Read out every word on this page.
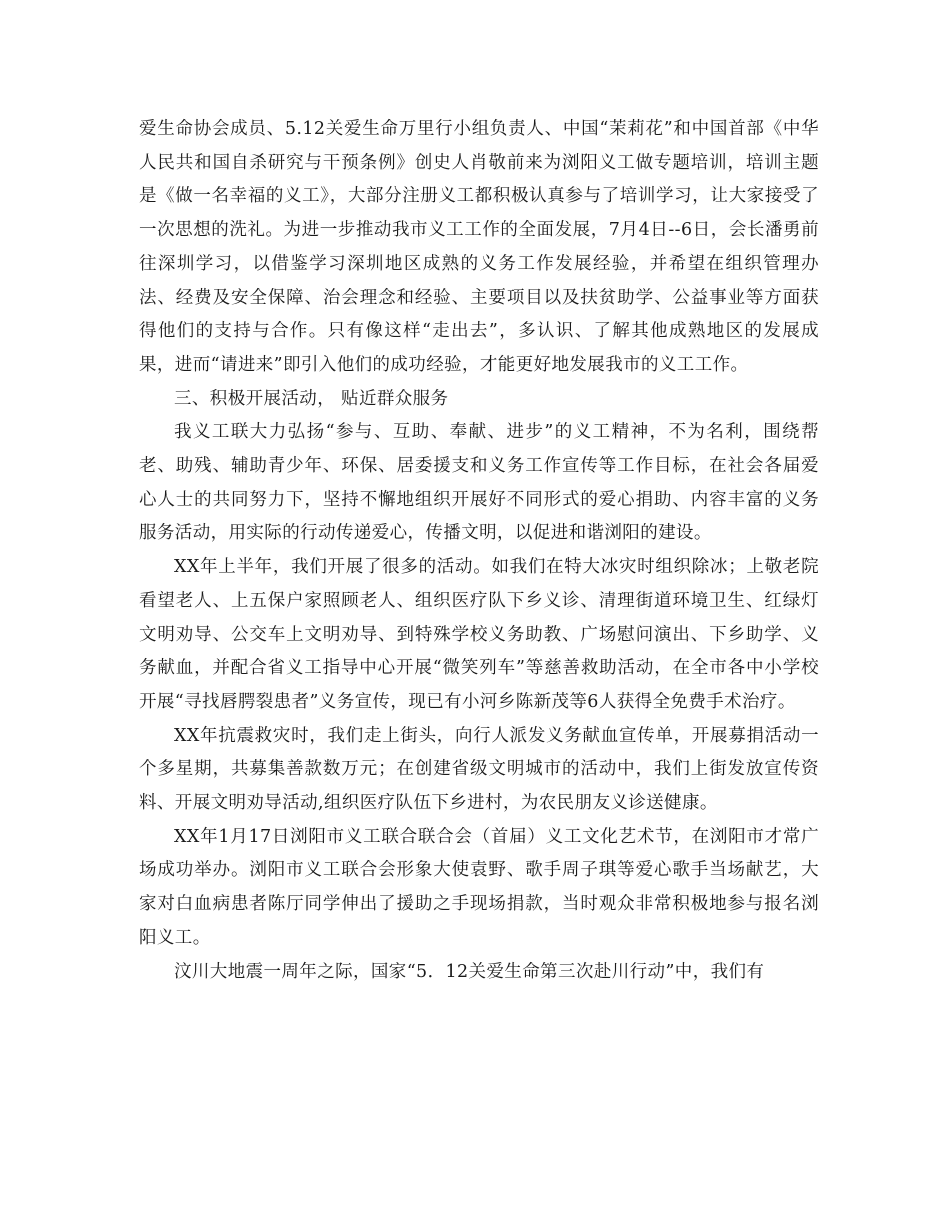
爱生命协会成员、5.12关爱生命万里行小组负责人、中国“茉莉花”和中国首部《中华人民共和国自杀研究与干预条例》创史人肖敬前来为浏阳义工做专题培训，培训主题是《做一名幸福的义工》，大部分注册义工都积极认真参与了培训学习，让大家接受了一次思想的洗礼。为进一步推动我市义工工作的全面发展，7月4日--6日，会长潘勇前往深圳学习，以借鉴学习深圳地区成熟的义务工作发展经验，并希望在组织管理办法、经费及安全保障、治会理念和经验、主要项目以及扶贫助学、公益事业等方面获得他们的支持与合作。只有像这样“走出去”，多认识、了解其他成熟地区的发展成果，进而“请进来”即引入他们的成功经验，才能更好地发展我市的义工工作。

三、积极开展活动， 贴近群众服务

我义工联大力弘扬“参与、互助、奉献、进步”的义工精神，不为名利，围绕帮老、助残、辅助青少年、环保、居委援支和义务工作宣传等工作目标，在社会各届爱心人士的共同努力下，坚持不懈地组织开展好不同形式的爱心捐助、内容丰富的义务服务活动，用实际的行动传递爱心，传播文明，以促进和谐浏阳的建设。

XX年上半年，我们开展了很多的活动。如我们在特大冰灾时组织除冰；上敬老院看望老人、上五保户家照顾老人、组织医疗队下乡义诊、清理街道环境卫生、红绿灯文明劝导、公交车上文明劝导、到特殊学校义务助教、广场慰问演出、下乡助学、义务献血，并配合省义工指导中心开展“微笑列车”等慈善救助活动，在全市各中小学校开展“寻找唇腭裂患者”义务宣传，现已有小河乡陈新茂等6人获得全免费手术治疗。

XX年抗震救灾时，我们走上街头，向行人派发义务献血宣传单，开展募捐活动一个多星期，共募集善款数万元；在创建省级文明城市的活动中，我们上街发放宣传资料、开展文明劝导活动,组织医疗队伍下乡进村，为农民朋友义诊送健康。

XX年1月17日浏阳市义工联合联合会（首届）义工文化艺术节，在浏阳市才常广场成功举办。浏阳市义工联合会形象大使袁野、歌手周子琪等爱心歌手当场献艺，大家对白血病患者陈厅同学伸出了援助之手现场捐款，当时观众非常积极地参与报名浏阳义工。

汶川大地震一周年之际，国家“5．12关爱生命第三次赴川行动”中，我们有
